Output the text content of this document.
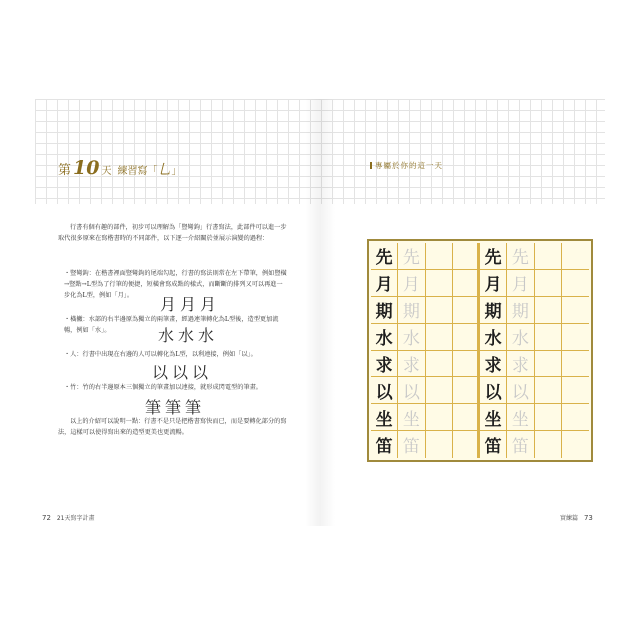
第 10 天 練習寫「乚」
專屬於你的這一天
行書有個有趣的部件，初步可以理解為「豎彎鉤」行書寫法，此部件可以進一步取代很多原來在寫楷書時的不同部件，以下逐一介紹關於並展示演變的過程：
・豎彎鉤：在楷書裡面豎彎鉤的尾端勾起，行書的寫法則常在左下帶筆，例如豎橫→豎點→L型為了行筆的便捷，短橫會寫成點的樣式，而斷斷的排列又可以再進一步化為L型，例如「月」。	月月月
・橫撇：水部的右半邊原為獨立的兩筆畫，經過連筆轉化為L型後，造型更加流暢，例如「水」。	水水水
・人：行書中出現在右邊的人可以轉化為L型，以利連接，例如「以」。
以以以
・竹：竹的右半邊原本三個獨立的筆畫加以連接，就形成閃電型的筆畫。
筆筆筆
以上的介紹可以說明一點：行書不是只是把楷書寫快而已，而是要轉化部分的寫法，這樣可以使得寫出來的造型更美也更流暢。
先 先	先 先
月 月	月 月
期 期	期 期
水 水	水 水
求 求	求 求
以 以	以 以
坐 坐	坐 坐
笛 笛	笛 笛
72 21天寫字計畫	實練篇 73
